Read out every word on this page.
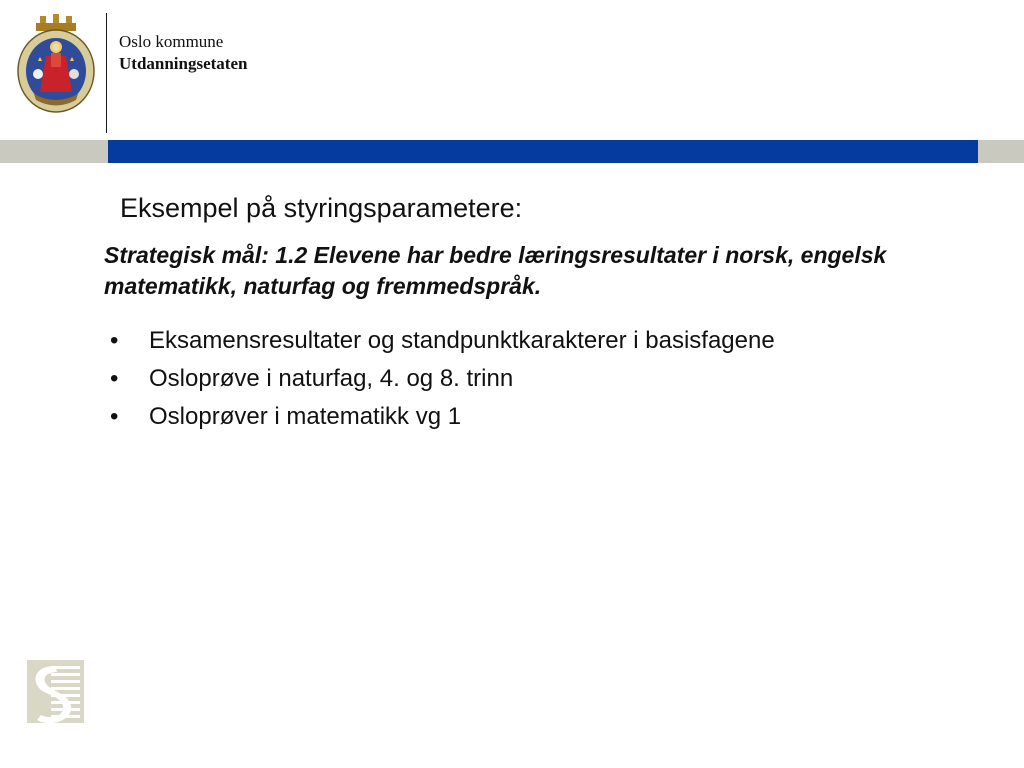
Oslo kommune
Utdanningsetaten
Eksempel på styringsparametere:
Strategisk mål: 1.2 Elevene har bedre læringsresultater i norsk, engelsk matematikk, naturfag og fremmedspråk.
•	Eksamensresultater og standpunktkarakterer i basisfagene
•	Osloprøve i naturfag, 4. og 8. trinn
•	Osloprøver i matematikk vg 1
